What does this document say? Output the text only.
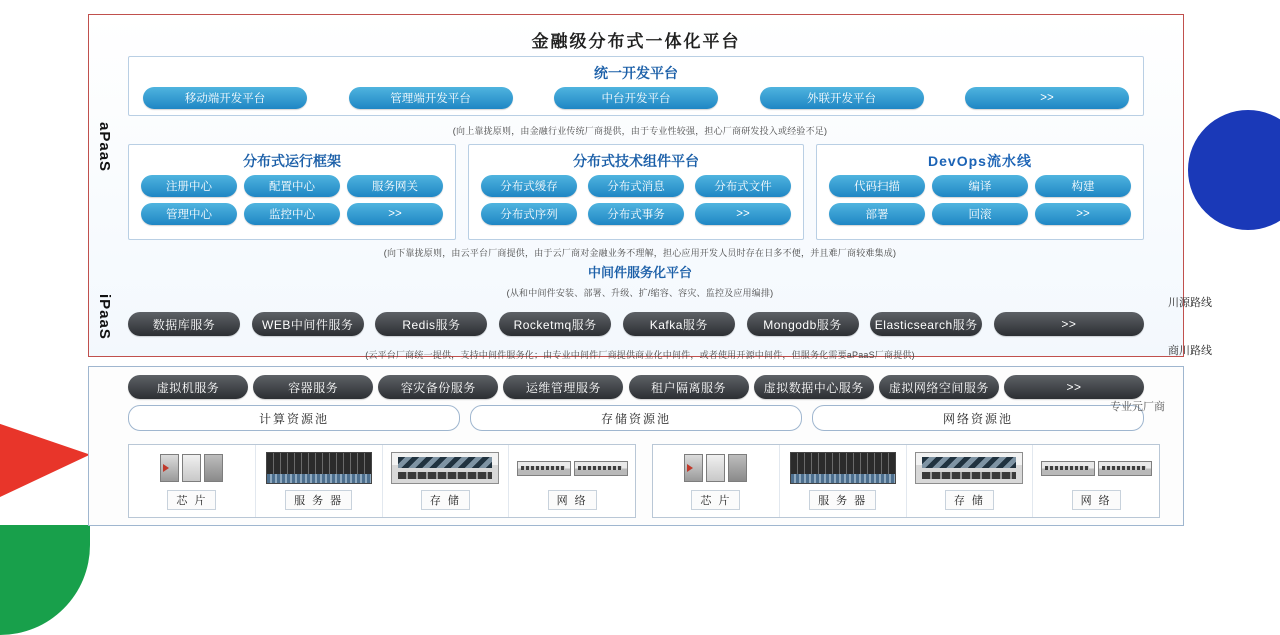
金融级分布式一体化平台
aPaaS
iPaaS
统一开发平台
移动端开发平台	管理端开发平台	中台开发平台	外联开发平台	>>
(向上靠拢原则，由金融行业传统厂商提供，由于专业性较强，担心厂商研发投入或经验不足)
分布式运行框架
注册中心	配置中心	服务网关
管理中心	监控中心	>>
分布式技术组件平台
分布式缓存	分布式消息	分布式文件
分布式序列	分布式事务	>>
DevOps流水线
代码扫描	编译	构建
部署	回滚	>>
(向下靠拢原则，由云平台厂商提供，由于云厂商对金融业务不理解，担心应用开发人员时存在日多不便，并且难厂商较难集成)
中间件服务化平台
(从和中间件安装、部署、升级、扩/缩容、容灾、监控及应用编排)
数据库服务	WEB中间件服务	Redis服务	Rocketmq服务	Kafka服务	Mongodb服务	Elasticsearch服务	>>
(云平台厂商统一提供，支持中间件服务化；由专业中间件厂商提供商业化中间件，或者使用开源中间件，但服务化需要aPaaS厂商提供)
虚拟机服务	容器服务	容灾备份服务	运维管理服务	租户隔离服务	虚拟数据中心服务	虚拟网络空间服务	>>
计算资源池	存储资源池	网络资源池
芯 片	服 务 器	存 储	网 络	芯 片	服 务 器	存 储	网 络
川源路线
商川路线
专业元厂商
